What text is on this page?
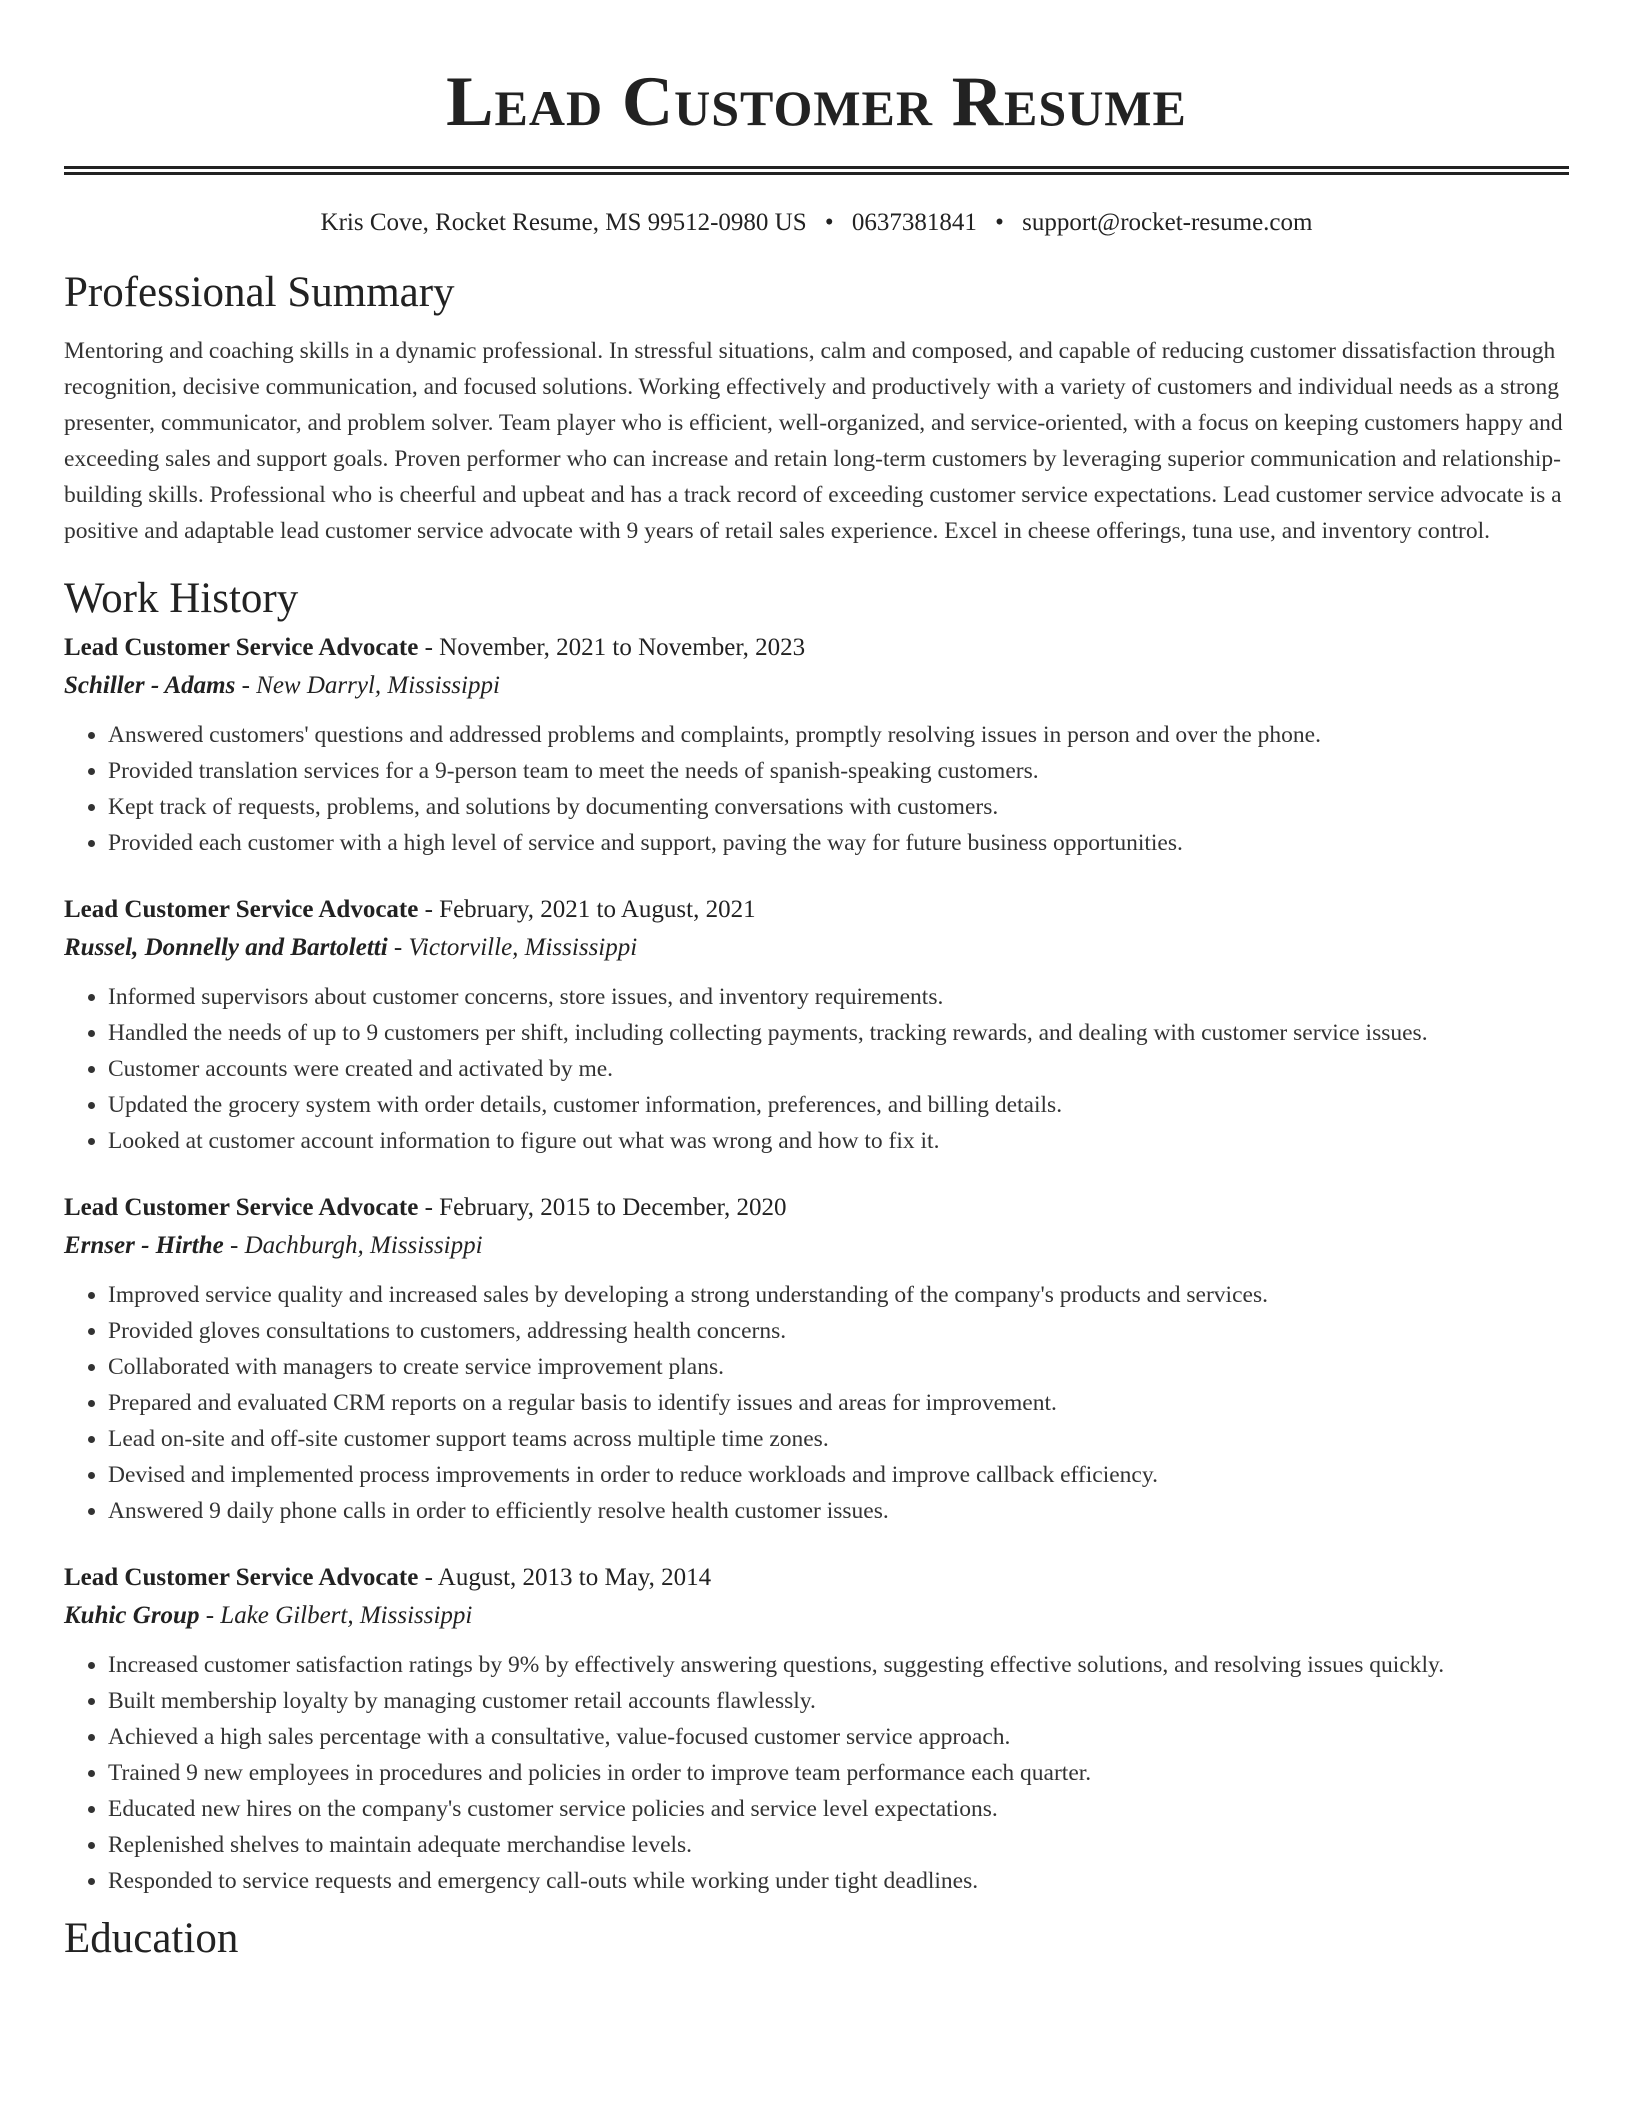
Lead Customer Resume
Kris Cove, Rocket Resume, MS 99512-0980 US • 0637381841 • support@rocket-resume.com
Professional Summary

Mentoring and coaching skills in a dynamic professional. In stressful situations, calm and composed, and capable of reducing customer dissatisfaction through recognition, decisive communication, and focused solutions. Working effectively and productively with a variety of customers and individual needs as a strong presenter, communicator, and problem solver. Team player who is efficient, well-organized, and service-oriented, with a focus on keeping customers happy and exceeding sales and support goals. Proven performer who can increase and retain long-term customers by leveraging superior communication and relationship-building skills. Professional who is cheerful and upbeat and has a track record of exceeding customer service expectations. Lead customer service advocate is a positive and adaptable lead customer service advocate with 9 years of retail sales experience. Excel in cheese offerings, tuna use, and inventory control.

Work History
Lead Customer Service Advocate - November, 2021 to November, 2023
Schiller - Adams - New Darryl, Mississippi
• Answered customers' questions and addressed problems and complaints, promptly resolving issues in person and over the phone.
• Provided translation services for a 9-person team to meet the needs of spanish-speaking customers.
• Kept track of requests, problems, and solutions by documenting conversations with customers.
• Provided each customer with a high level of service and support, paving the way for future business opportunities.
Lead Customer Service Advocate - February, 2021 to August, 2021
Russel, Donnelly and Bartoletti - Victorville, Mississippi
• Informed supervisors about customer concerns, store issues, and inventory requirements.
• Handled the needs of up to 9 customers per shift, including collecting payments, tracking rewards, and dealing with customer service issues.
• Customer accounts were created and activated by me.
• Updated the grocery system with order details, customer information, preferences, and billing details.
• Looked at customer account information to figure out what was wrong and how to fix it.
Lead Customer Service Advocate - February, 2015 to December, 2020
Ernser - Hirthe - Dachburgh, Mississippi
• Improved service quality and increased sales by developing a strong understanding of the company's products and services.
• Provided gloves consultations to customers, addressing health concerns.
• Collaborated with managers to create service improvement plans.
• Prepared and evaluated CRM reports on a regular basis to identify issues and areas for improvement.
• Lead on-site and off-site customer support teams across multiple time zones.
• Devised and implemented process improvements in order to reduce workloads and improve callback efficiency.
• Answered 9 daily phone calls in order to efficiently resolve health customer issues.
Lead Customer Service Advocate - August, 2013 to May, 2014
Kuhic Group - Lake Gilbert, Mississippi
• Increased customer satisfaction ratings by 9% by effectively answering questions, suggesting effective solutions, and resolving issues quickly.
• Built membership loyalty by managing customer retail accounts flawlessly.
• Achieved a high sales percentage with a consultative, value-focused customer service approach.
• Trained 9 new employees in procedures and policies in order to improve team performance each quarter.
• Educated new hires on the company's customer service policies and service level expectations.
• Replenished shelves to maintain adequate merchandise levels.
• Responded to service requests and emergency call-outs while working under tight deadlines.
Education
